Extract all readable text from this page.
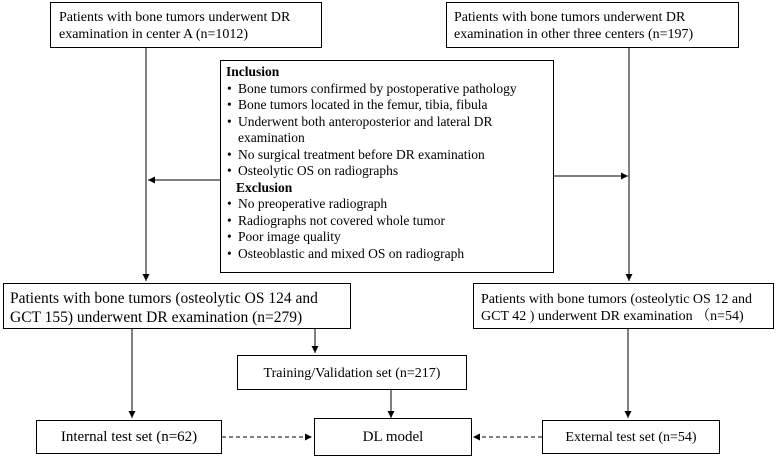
Patients with bone tumors underwent DR
examination in center A (n=1012)
Patients with bone tumors underwent DR
examination in other three centers (n=197)
Inclusion
• Bone tumors confirmed by postoperative pathology
• Bone tumors located in the femur, tibia, fibula
• Underwent both anteroposterior and lateral DR
examination
• No surgical treatment before DR examination
• Osteolytic OS on radiographs
Exclusion
• No preoperative radiograph
• Radiographs not covered whole tumor
• Poor image quality
• Osteoblastic and mixed OS on radiograph
Patients with bone tumors (osteolytic OS 124 and
GCT 155) underwent DR examination (n=279)
Patients with bone tumors (osteolytic OS 12 and
GCT 42 ) underwent DR examination （n=54)
Training/Validation set (n=217)
Internal test set (n=62)	DL model	External test set (n=54)
